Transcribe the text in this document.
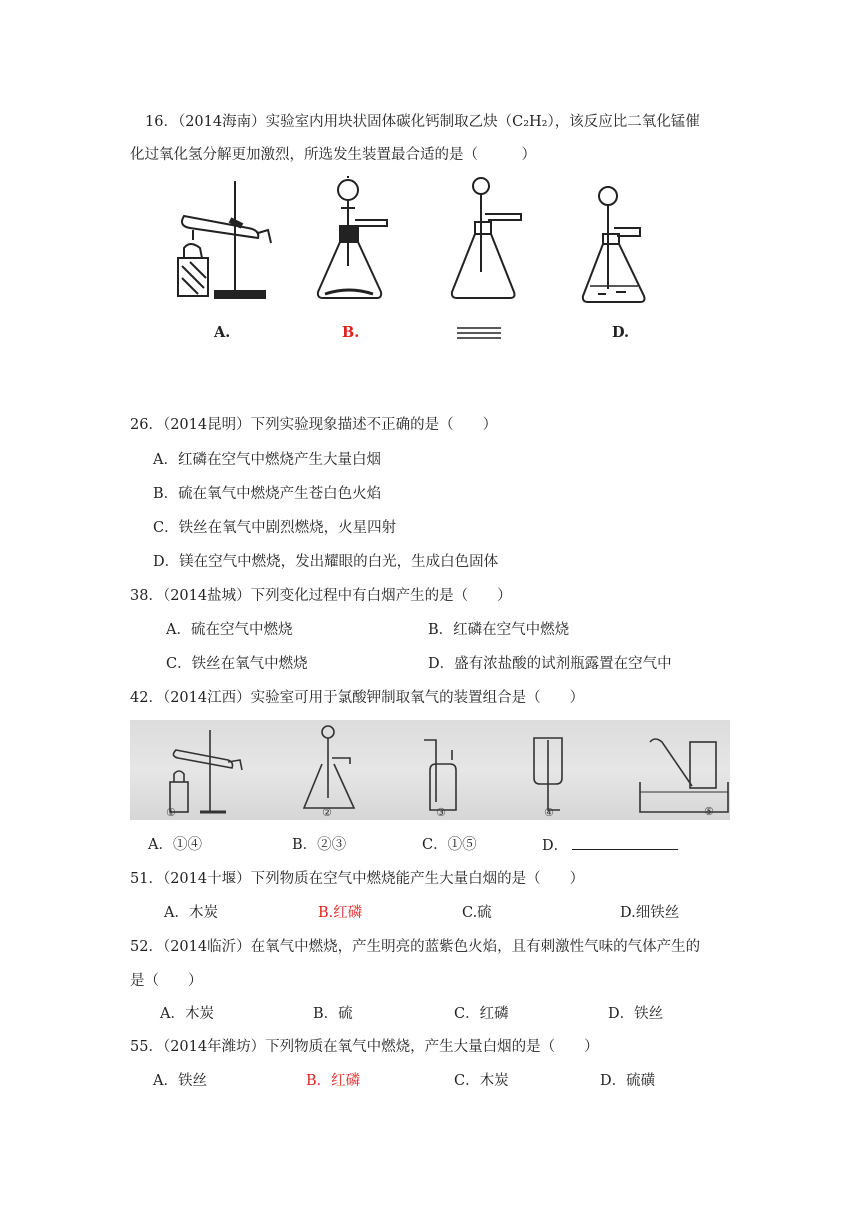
16．（2014海南）实验室内用块状固体碳化钙制取乙炔（C₂H₂），该反应比二氧化锰催
化过氧化氢分解更加激烈，所选发生装置最合适的是（　　　）
A.	B.	D.
26．（2014昆明）下列实验现象描述不正确的是（　　）
A．红磷在空气中燃烧产生大量白烟
B．硫在氧气中燃烧产生苍白色火焰
C．铁丝在氧气中剧烈燃烧，火星四射
D．镁在空气中燃烧，发出耀眼的白光，生成白色固体
38．（2014盐城）下列变化过程中有白烟产生的是（　　）
A．硫在空气中燃烧	B．红磷在空气中燃烧
C．铁丝在氧气中燃烧	D．盛有浓盐酸的试剂瓶露置在空气中
42．（2014江西）实验室可用于氯酸钾制取氧气的装置组合是（　　）
①	②	③	④	⑤
A．①④	B．②③	C．①⑤	D．
51．（2014十堰）下列物质在空气中燃烧能产生大量白烟的是（　　）
A．木炭	B.红磷	C.硫	D.细铁丝
52．（2014临沂）在氧气中燃烧，产生明亮的蓝紫色火焰，且有刺激性气味的气体产生的
是（　　）
A．木炭	B．硫	C．红磷	D．铁丝
55．（2014年潍坊）下列物质在氧气中燃烧，产生大量白烟的是（　　）
A．铁丝	B．红磷	C．木炭	D．硫磺
